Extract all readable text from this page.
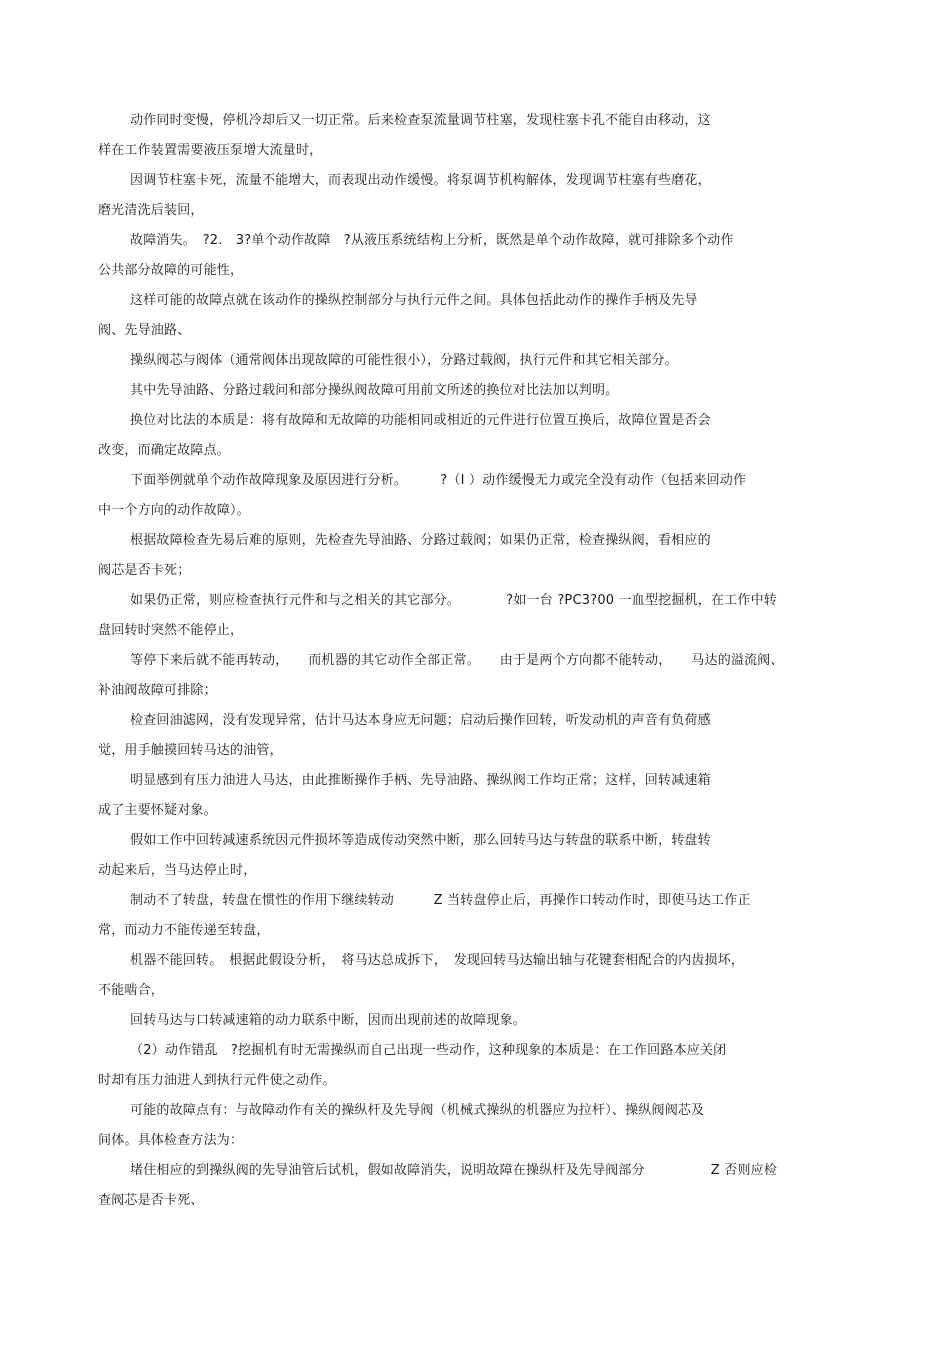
动作同时变慢，停机冷却后又一切正常。后来检查泵流量调节柱塞，发现柱塞卡孔不能自由移动，这
样在工作装置需要液压泵增大流量时，
因调节柱塞卡死，流量不能增大，而表现出动作缓慢。将泵调节机构解体，发现调节柱塞有些磨花，
磨光清洗后装回，
故障消失。　?2.　3?单个动作故障　?从液压系统结构上分析，既然是单个动作故障，就可排除多个动作
公共部分故障的可能性，
这样可能的故障点就在该动作的操纵控制部分与执行元件之间。具体包括此动作的操作手柄及先导
阀、先导油路、
操纵阀芯与阀体（通常阀体出现故障的可能性很小），分路过载阀，执行元件和其它相关部分。
其中先导油路、分路过载问和部分操纵阀故障可用前文所述的换位对比法加以判明。
换位对比法的本质是：将有故障和无故障的功能相同或相近的元件进行位置互换后，故障位置是否会
改变，而确定故障点。
下面举例就单个动作故障现象及原因进行分析。　　　?（I ）动作缓慢无力或完全没有动作（包括来回动作
中一个方向的动作故障）。
根据故障检查先易后难的原则，先检查先导油路、分路过载阀；如果仍正常，检查操纵阀，看相应的
阀芯是否卡死；
如果仍正常，则应检查执行元件和与之相关的其它部分。　　　　?如一台 ?PC3?00 一血型挖掘机，在工作中转
盘回转时突然不能停止，
等停下来后就不能再转动，　　而机器的其它动作全部正常。　　由于是两个方向都不能转动，　　马达的溢流阀、
补油阀故障可排除；
检查回油滤网，没有发现异常，估计马达本身应无问题；启动后操作回转，听发动机的声音有负荷感
觉，用手触摸回转马达的油管，
明显感到有压力油进人马达，由此推断操作手柄、先导油路、操纵阀工作均正常；这样，回转减速箱
成了主要怀疑对象。
假如工作中回转减速系统因元件损坏等造成传动突然中断，那么回转马达与转盘的联系中断，转盘转
动起来后，当马达停止时，
制动不了转盘，转盘在惯性的作用下继续转动　　　Z 当转盘停止后，再操作口转动作时，即使马达工作正
常，而动力不能传递至转盘，
机器不能回转。　根据此假设分析，　将马达总成拆下，　发现回转马达输出轴与花键套相配合的内齿损坏，
不能啮合，
回转马达与口转减速箱的动力联系中断，因而出现前述的故障现象。
（2）动作错乱　?挖掘机有时无需操纵而自己出现一些动作，这种现象的本质是：在工作回路本应关闭
时却有压力油进人到执行元件使之动作。
可能的故障点有：与故障动作有关的操纵杆及先导阀（机械式操纵的机器应为拉杆）、操纵阀阀芯及
间体。具体检查方法为：
堵住相应的到操纵阀的先导油管后试机，假如故障消失，说明故障在操纵杆及先导阀部分　　　　　Z 否则应检
查阀芯是否卡死、
